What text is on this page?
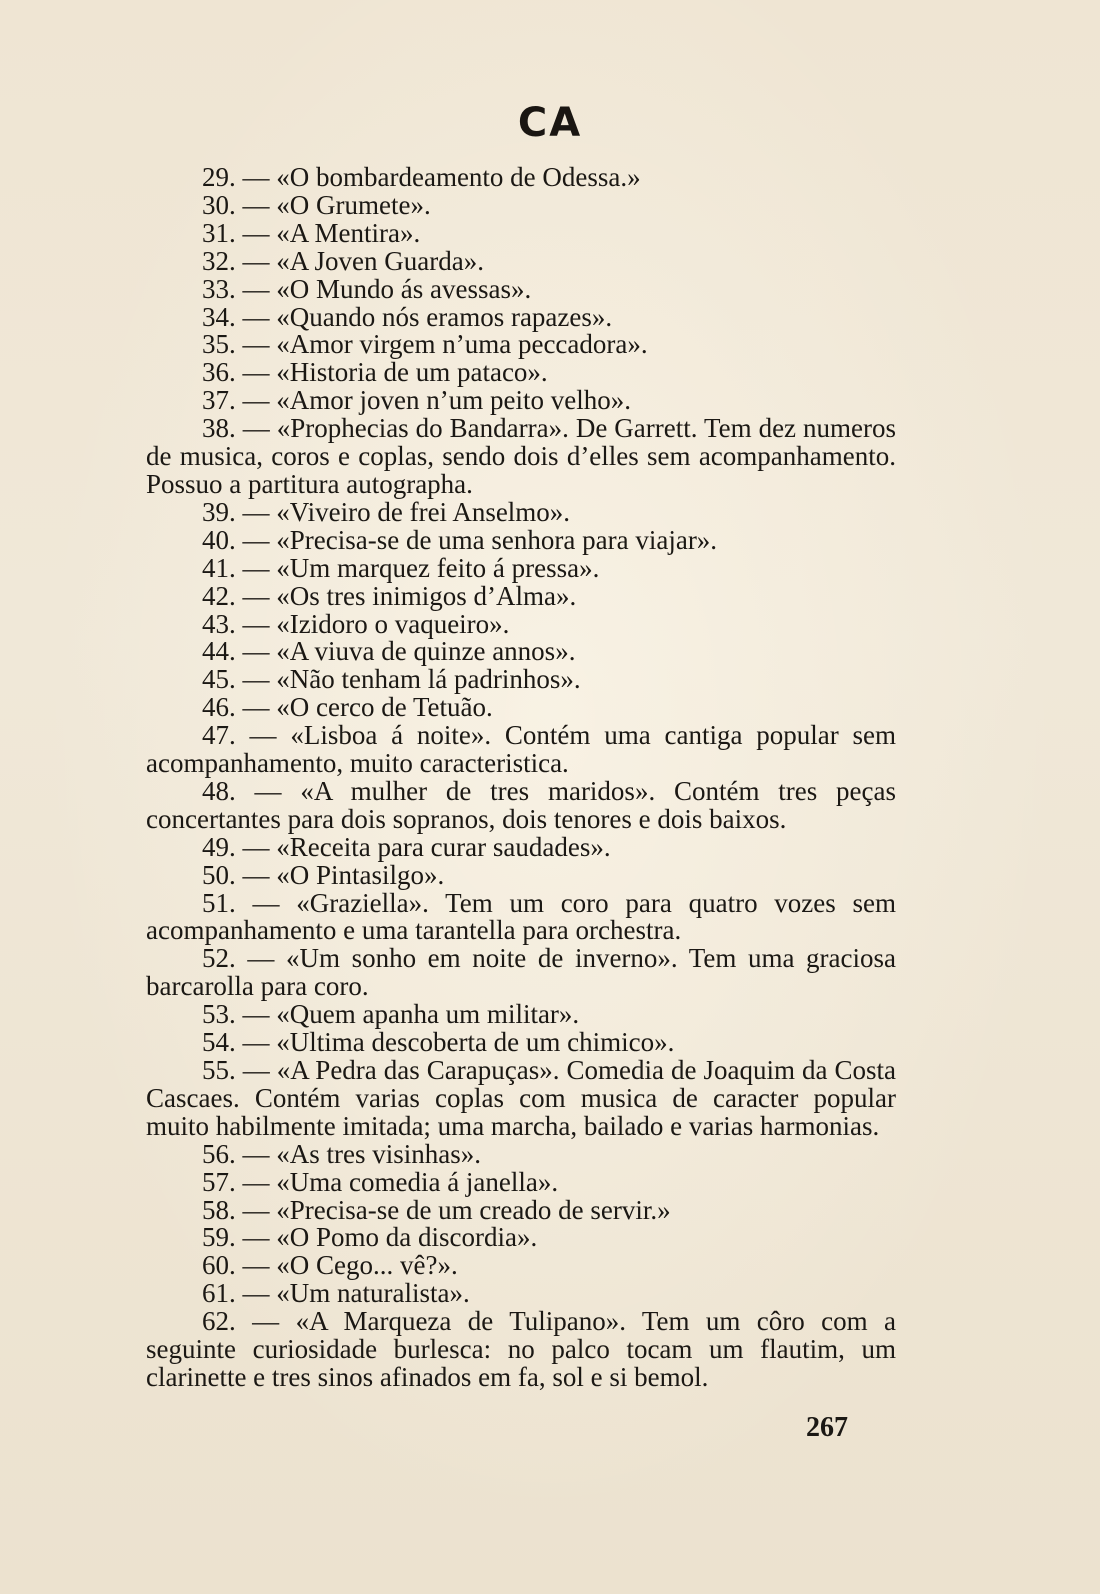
CA

29. — «O bombardeamento de Odessa.»

30. — «O Grumete».

31. — «A Mentira».

32. — «A Joven Guarda».

33. — «O Mundo ás avessas».

34. — «Quando nós eramos rapazes».

35. — «Amor virgem n’uma peccadora».

36. — «Historia de um pataco».

37. — «Amor joven n’um peito velho».

38. — «Prophecias do Bandarra». De Garrett. Tem dez numeros de musica, coros e coplas, sendo dois d’elles sem acompanhamento. Possuo a partitura autographa.

39. — «Viveiro de frei Anselmo».

40. — «Precisa-se de uma senhora para viajar».

41. — «Um marquez feito á pressa».

42. — «Os tres inimigos d’Alma».

43. — «Izidoro o vaqueiro».

44. — «A viuva de quinze annos».

45. — «Não tenham lá padrinhos».

46. — «O cerco de Tetuão.

47. — «Lisboa á noite». Contém uma cantiga popular sem acompanhamento, muito caracteristica.

48. — «A mulher de tres maridos». Contém tres peças concertantes para dois sopranos, dois tenores e dois baixos.

49. — «Receita para curar saudades».

50. — «O Pintasilgo».

51. — «Graziella». Tem um coro para quatro vozes sem acompanhamento e uma tarantella para orchestra.

52. — «Um sonho em noite de inverno». Tem uma graciosa barcarolla para coro.

53. — «Quem apanha um militar».

54. — «Ultima descoberta de um chimico».

55. — «A Pedra das Carapuças». Comedia de Joaquim da Costa Cascaes. Contém varias coplas com musica de caracter popular muito habilmente imitada; uma marcha, bailado e varias harmonias.

56. — «As tres visinhas».

57. — «Uma comedia á janella».

58. — «Precisa-se de um creado de servir.»

59. — «O Pomo da discordia».

60. — «O Cego... vê?».

61. — «Um naturalista».

62. — «A Marqueza de Tulipano». Tem um côro com a seguinte curiosidade burlesca: no palco tocam um flautim, um clarinette e tres sinos afinados em fa, sol e si bemol.

267
